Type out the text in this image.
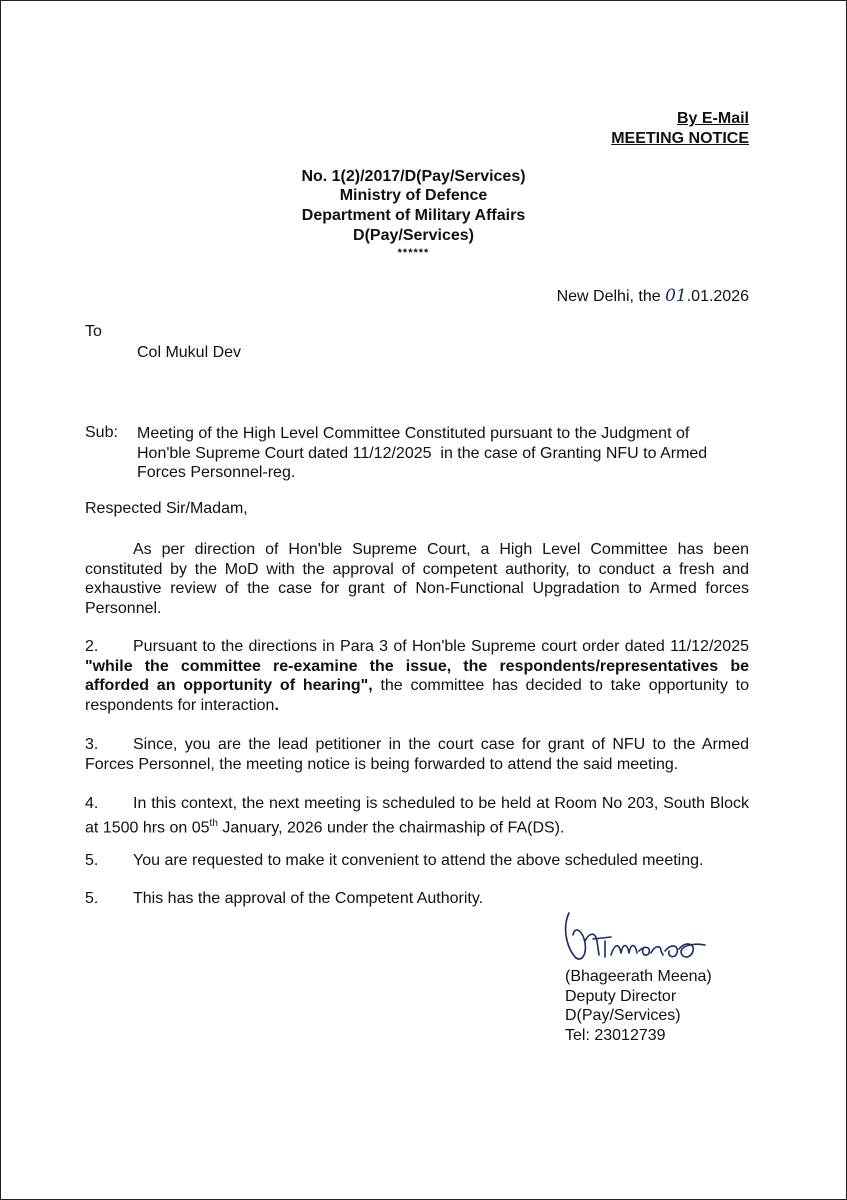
By E-Mail
MEETING NOTICE
No. 1(2)/2017/D(Pay/Services)
Ministry of Defence
Department of Military Affairs
D(Pay/Services)
******
New Delhi, the 01.01.2026
To
Col Mukul Dev
Sub: Meeting of the High Level Committee Constituted pursuant to the Judgment of
Hon'ble Supreme Court dated 11/12/2025  in the case of Granting NFU to Armed
Forces Personnel-reg.
Respected Sir/Madam,
As per direction of Hon'ble Supreme Court, a High Level Committee has been constituted by the MoD with the approval of competent authority, to conduct a fresh and exhaustive review of the case for grant of Non-Functional Upgradation to Armed forces Personnel.
2. Pursuant to the directions in Para 3 of Hon'ble Supreme court order dated 11/12/2025 "while the committee re-examine the issue, the respondents/representatives be afforded an opportunity of hearing", the committee has decided to take opportunity to respondents for interaction.
3. Since, you are the lead petitioner in the court case for grant of NFU to the Armed Forces Personnel, the meeting notice is being forwarded to attend the said meeting.
4. In this context, the next meeting is scheduled to be held at Room No 203, South Block at 1500 hrs on 05th January, 2026 under the chairmaship of FA(DS).
5. You are requested to make it convenient to attend the above scheduled meeting.
5. This has the approval of the Competent Authority.
(Bhageerath Meena)
Deputy Director
D(Pay/Services)
Tel: 23012739
